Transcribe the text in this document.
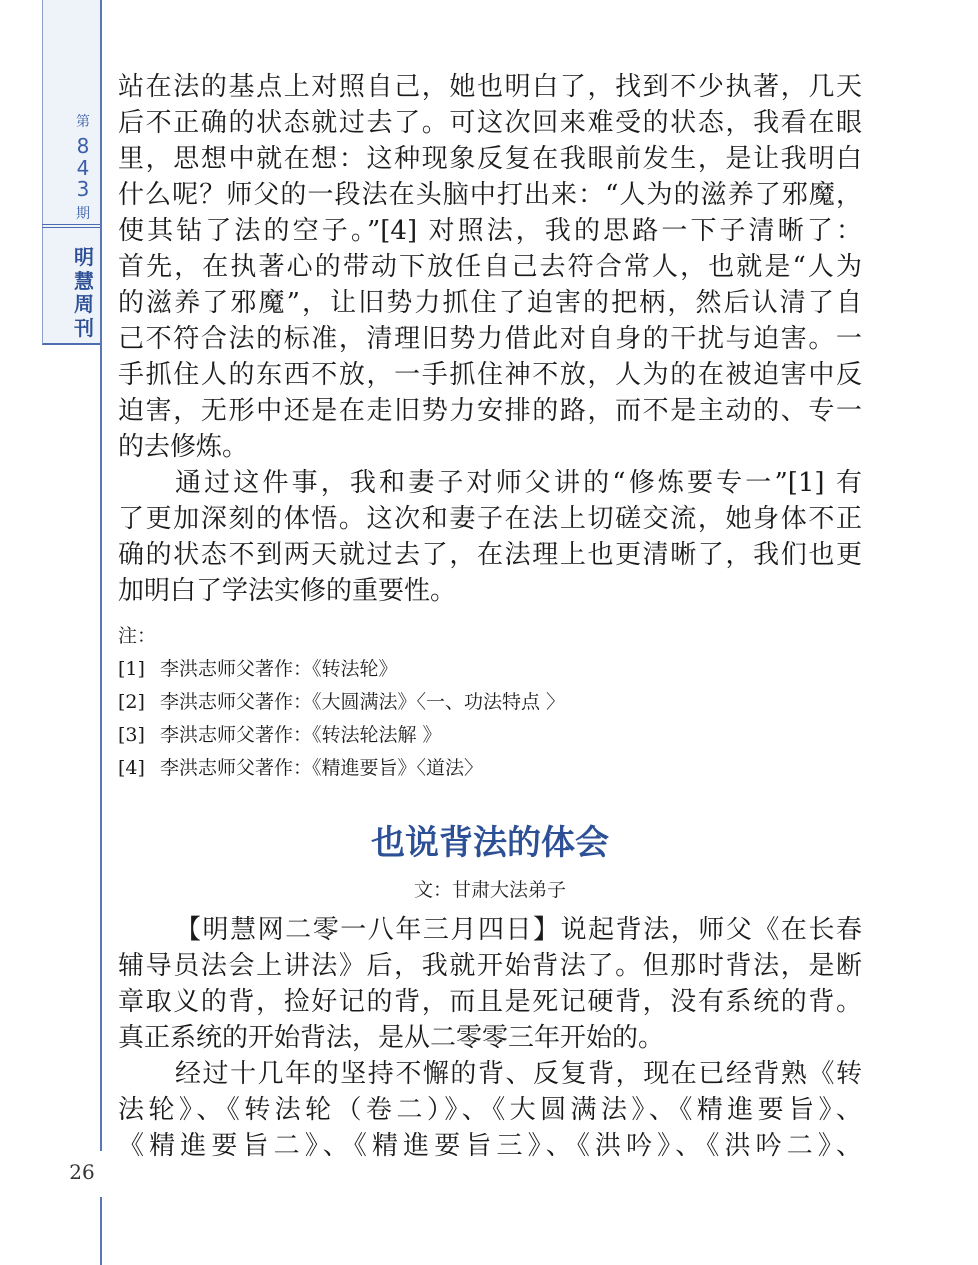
第
843
期
明慧周刊
26
站在法的基点上对照自己，她也明白了，找到不少执著，几天
后不正确的状态就过去了。可这次回来难受的状态，我看在眼
里，思想中就在想：这种现象反复在我眼前发生，是让我明白
什么呢？师父的一段法在头脑中打出来：“人为的滋养了邪魔，
使其钻了法的空子。”[4] 对照法，我的思路一下子清晰了：
首先，在执著心的带动下放任自己去符合常人，也就是“人为
的滋养了邪魔”，让旧势力抓住了迫害的把柄，然后认清了自
己不符合法的标准，清理旧势力借此对自身的干扰与迫害。一
手抓住人的东西不放，一手抓住神不放，人为的在被迫害中反
迫害，无形中还是在走旧势力安排的路，而不是主动的、专一
的去修炼。
通过这件事，我和妻子对师父讲的“修炼要专一”[1] 有
了更加深刻的体悟。这次和妻子在法上切磋交流，她身体不正
确的状态不到两天就过去了，在法理上也更清晰了，我们也更
加明白了学法实修的重要性。
注：
[1] 李洪志师父著作：《转法轮》
[2] 李洪志师父著作：《大圆满法》〈一、功法特点 〉
[3] 李洪志师父著作：《转法轮法解 》
[4] 李洪志师父著作：《精進要旨》〈道法〉
也说背法的体会
文：甘肃大法弟子
【明慧网二零一八年三月四日】说起背法，师父《在长春
辅导员法会上讲法》后，我就开始背法了。但那时背法，是断
章取义的背，捡好记的背，而且是死记硬背，没有系统的背。
真正系统的开始背法，是从二零零三年开始的。
经过十几年的坚持不懈的背、反复背，现在已经背熟《转
法轮》、《转法轮（卷二）》、《大圆满法》、《精進要旨》、
《精進要旨二》、《精進要旨三》、《洪吟》、《洪吟二》、
